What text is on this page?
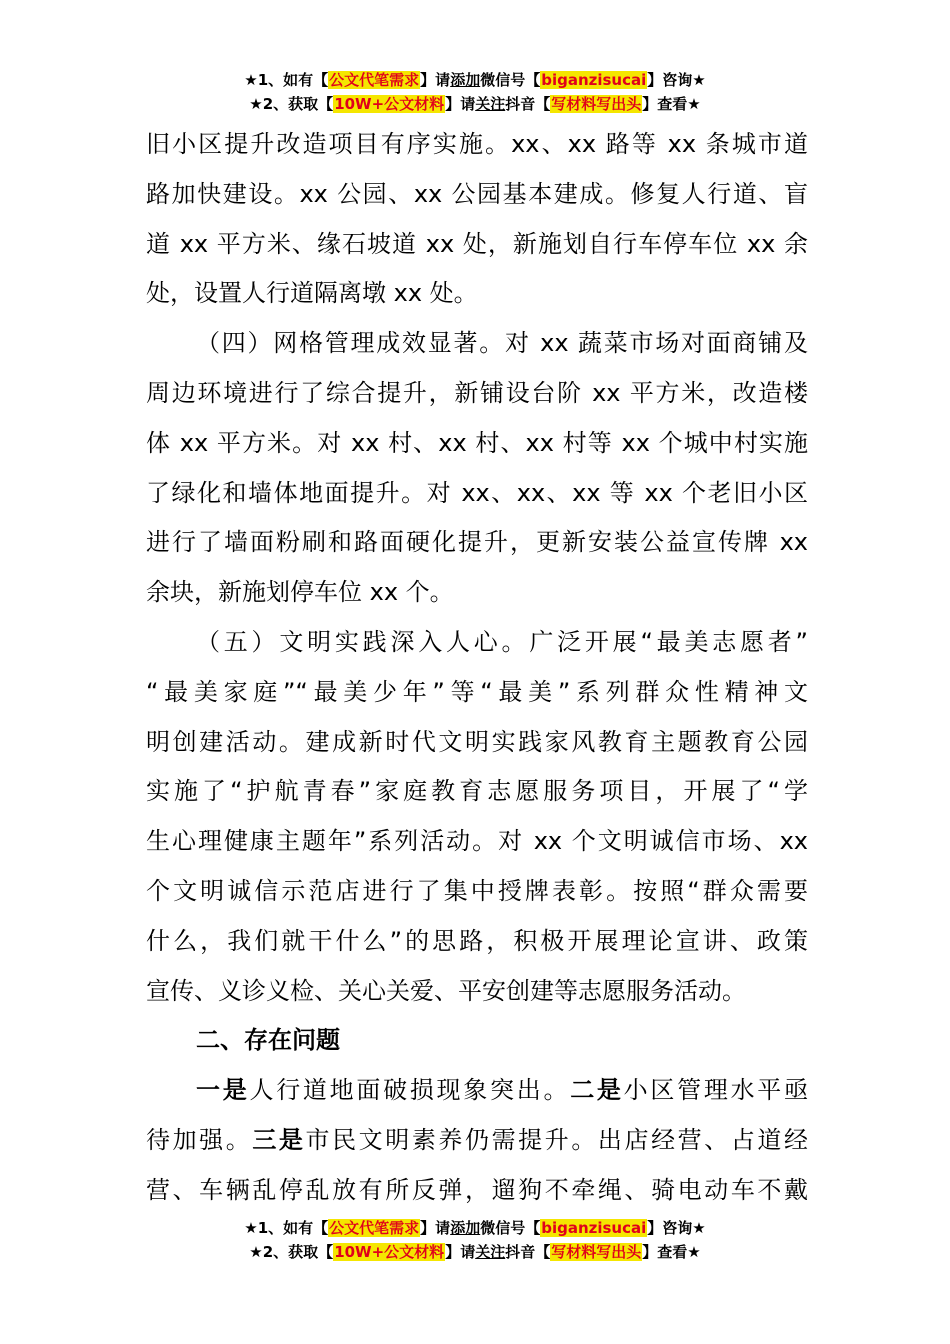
★1、如有【公文代笔需求】请添加微信号【biganzisucai】咨询★
★2、获取【10W+公文材料】请关注抖音【写材料写出头】查看★
旧小区提升改造项目有序实施。xx、xx 路等 xx 条城市道
路加快建设。xx 公园、xx 公园基本建成。修复人行道、盲
道 xx 平方米、缘石坡道 xx 处，新施划自行车停车位 xx 余
处，设置人行道隔离墩 xx 处。
（四）网格管理成效显著。对 xx 蔬菜市场对面商铺及
周边环境进行了综合提升，新铺设台阶 xx 平方米，改造楼
体 xx 平方米。对 xx 村、xx 村、xx 村等 xx 个城中村实施
了绿化和墙体地面提升。对 xx、xx、xx 等 xx 个老旧小区
进行了墙面粉刷和路面硬化提升，更新安装公益宣传牌 xx
余块，新施划停车位 xx 个。
（五）文明实践深入人心。广泛开展“最美志愿者”
“最美家庭”“最美少年”等“最美”系列群众性精神文
明创建活动。建成新时代文明实践家风教育主题教育公园
实施了“护航青春”家庭教育志愿服务项目，开展了“学
生心理健康主题年”系列活动。对 xx 个文明诚信市场、xx
个文明诚信示范店进行了集中授牌表彰。按照“群众需要
什么，我们就干什么”的思路，积极开展理论宣讲、政策
宣传、义诊义检、关心关爱、平安创建等志愿服务活动。
二、存在问题
一是人行道地面破损现象突出。二是小区管理水平亟
待加强。三是市民文明素养仍需提升。出店经营、占道经
营、车辆乱停乱放有所反弹，遛狗不牵绳、骑电动车不戴
★1、如有【公文代笔需求】请添加微信号【biganzisucai】咨询★
★2、获取【10W+公文材料】请关注抖音【写材料写出头】查看★
